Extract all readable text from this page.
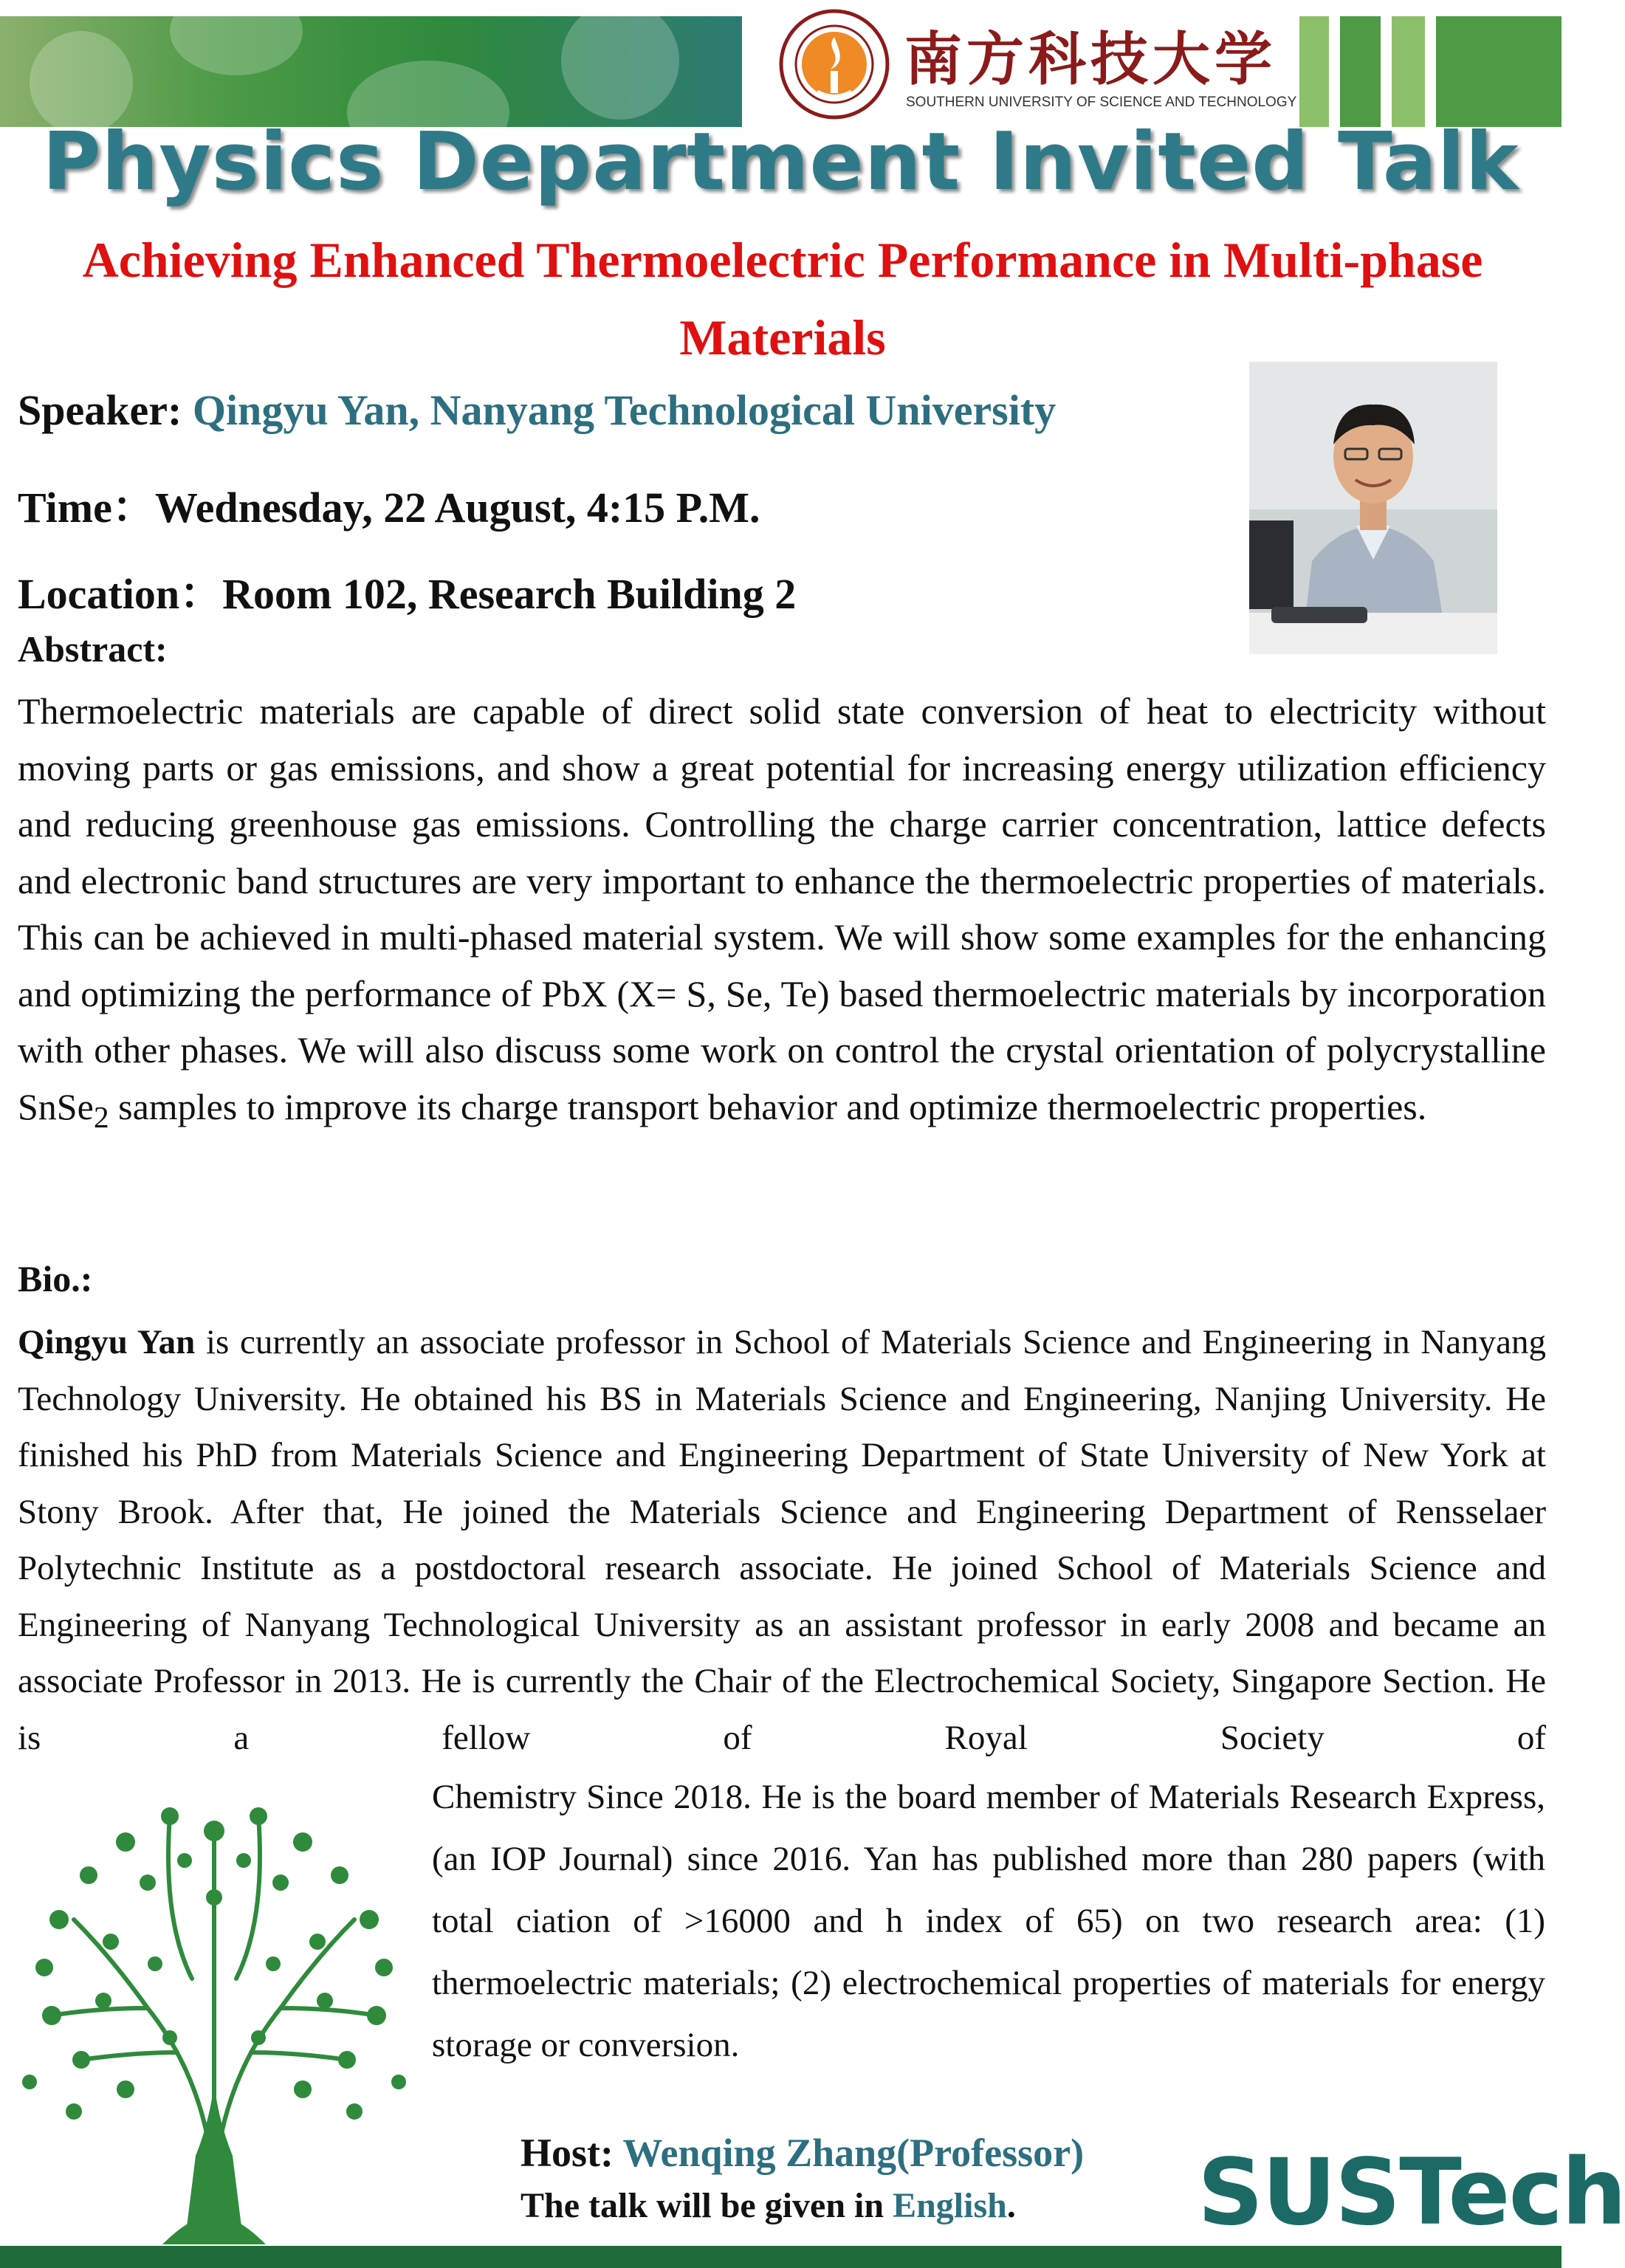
南方科技大学
SOUTHERN UNIVERSITY OF SCIENCE AND TECHNOLOGY
Physics Department Invited Talk
Achieving Enhanced Thermoelectric Performance in Multi-phase Materials
Speaker: Qingyu Yan, Nanyang Technological University
Time：Wednesday, 22 August, 4:15 P.M.
Location：Room 102, Research Building 2
Abstract:
Thermoelectric materials are capable of direct solid state conversion of heat to electricity without moving parts or gas emissions, and show a great potential for increasing energy utilization efficiency and reducing greenhouse gas emissions. Controlling the charge carrier concentration, lattice defects and electronic band structures are very important to enhance the thermoelectric properties of materials. This can be achieved in multi-phased material system. We will show some examples for the enhancing and optimizing the performance of PbX (X= S, Se, Te) based thermoelectric materials by incorporation with other phases. We will also discuss some work on control the crystal orientation of polycrystalline SnSe$_2$ samples to improve its charge transport behavior and optimize thermoelectric properties.
Bio.:
Qingyu Yan is currently an associate professor in School of Materials Science and Engineering in Nanyang Technology University. He obtained his BS in Materials Science and Engineering, Nanjing University. He finished his PhD from Materials Science and Engineering Department of State University of New York at Stony Brook. After that, He joined the Materials Science and Engineering Department of Rensselaer Polytechnic Institute as a postdoctoral research associate. He joined School of Materials Science and Engineering of Nanyang Technological University as an assistant professor in early 2008 and became an associate Professor in 2013. He is currently the Chair of the Electrochemical Society, Singapore Section. He is a fellow of Royal Society of
Chemistry Since 2018. He is the board member of Materials Research Express, (an IOP Journal) since 2016. Yan has published more than 280 papers (with total ciation of >16000 and h index of 65) on two research area: (1) thermoelectric materials; (2) electrochemical properties of materials for energy storage or conversion.
Host: Wenqing Zhang(Professor)
The talk will be given in English. SUSTech
